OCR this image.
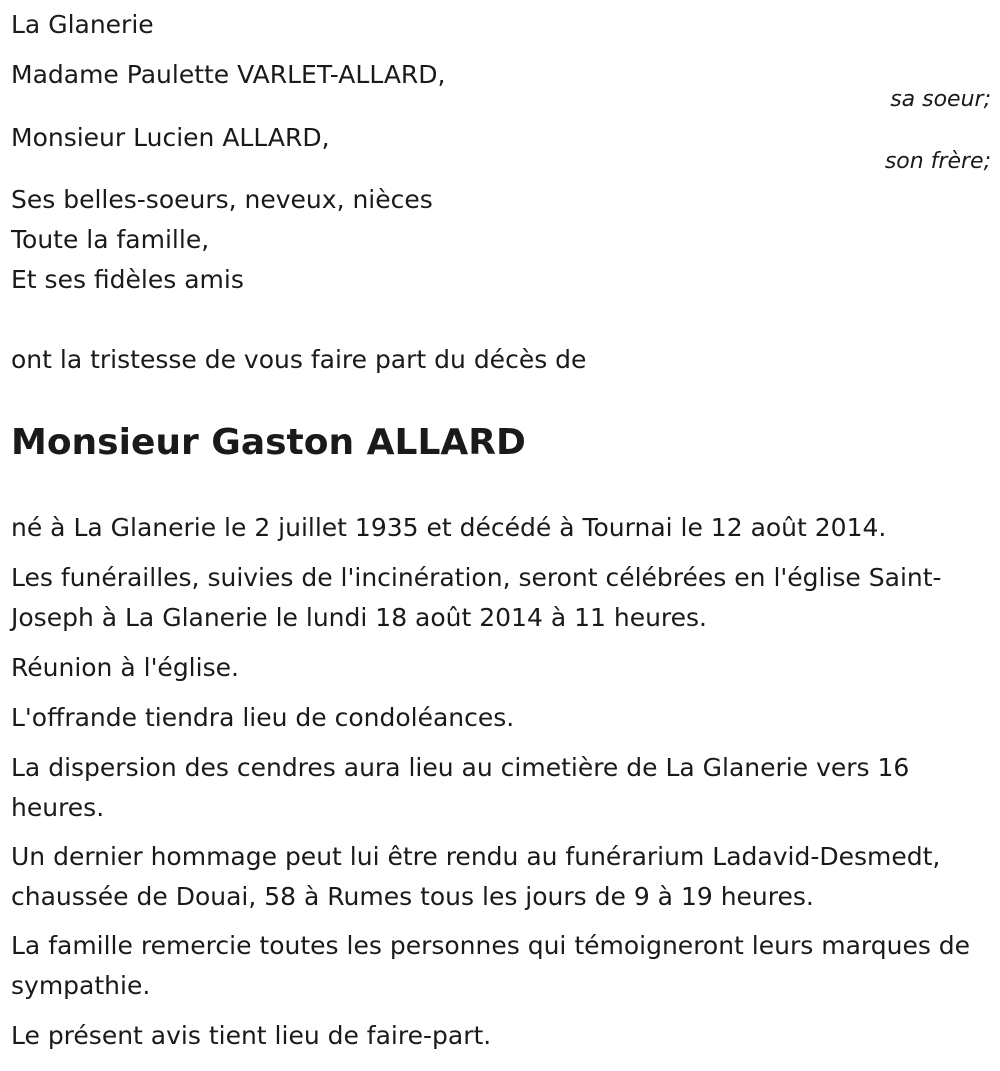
La Glanerie
Madame Paulette VARLET-ALLARD,
sa soeur;
Monsieur Lucien ALLARD,
son frère;
Ses belles-soeurs, neveux, nièces
Toute la famille,
Et ses fidèles amis
ont la tristesse de vous faire part du décès de
Monsieur Gaston ALLARD
né à La Glanerie le 2 juillet 1935 et décédé à Tournai le 12 août 2014.
Les funérailles, suivies de l'incinération, seront célébrées en l'église Saint-Joseph à La Glanerie le lundi 18 août 2014 à 11 heures.
Réunion à l'église.
L'offrande tiendra lieu de condoléances.
La dispersion des cendres aura lieu au cimetière de La Glanerie vers 16 heures.
Un dernier hommage peut lui être rendu au funérarium Ladavid-Desmedt, chaussée de Douai, 58 à Rumes tous les jours de 9 à 19 heures.
La famille remercie toutes les personnes qui témoigneront leurs marques de sympathie.
Le présent avis tient lieu de faire-part.
